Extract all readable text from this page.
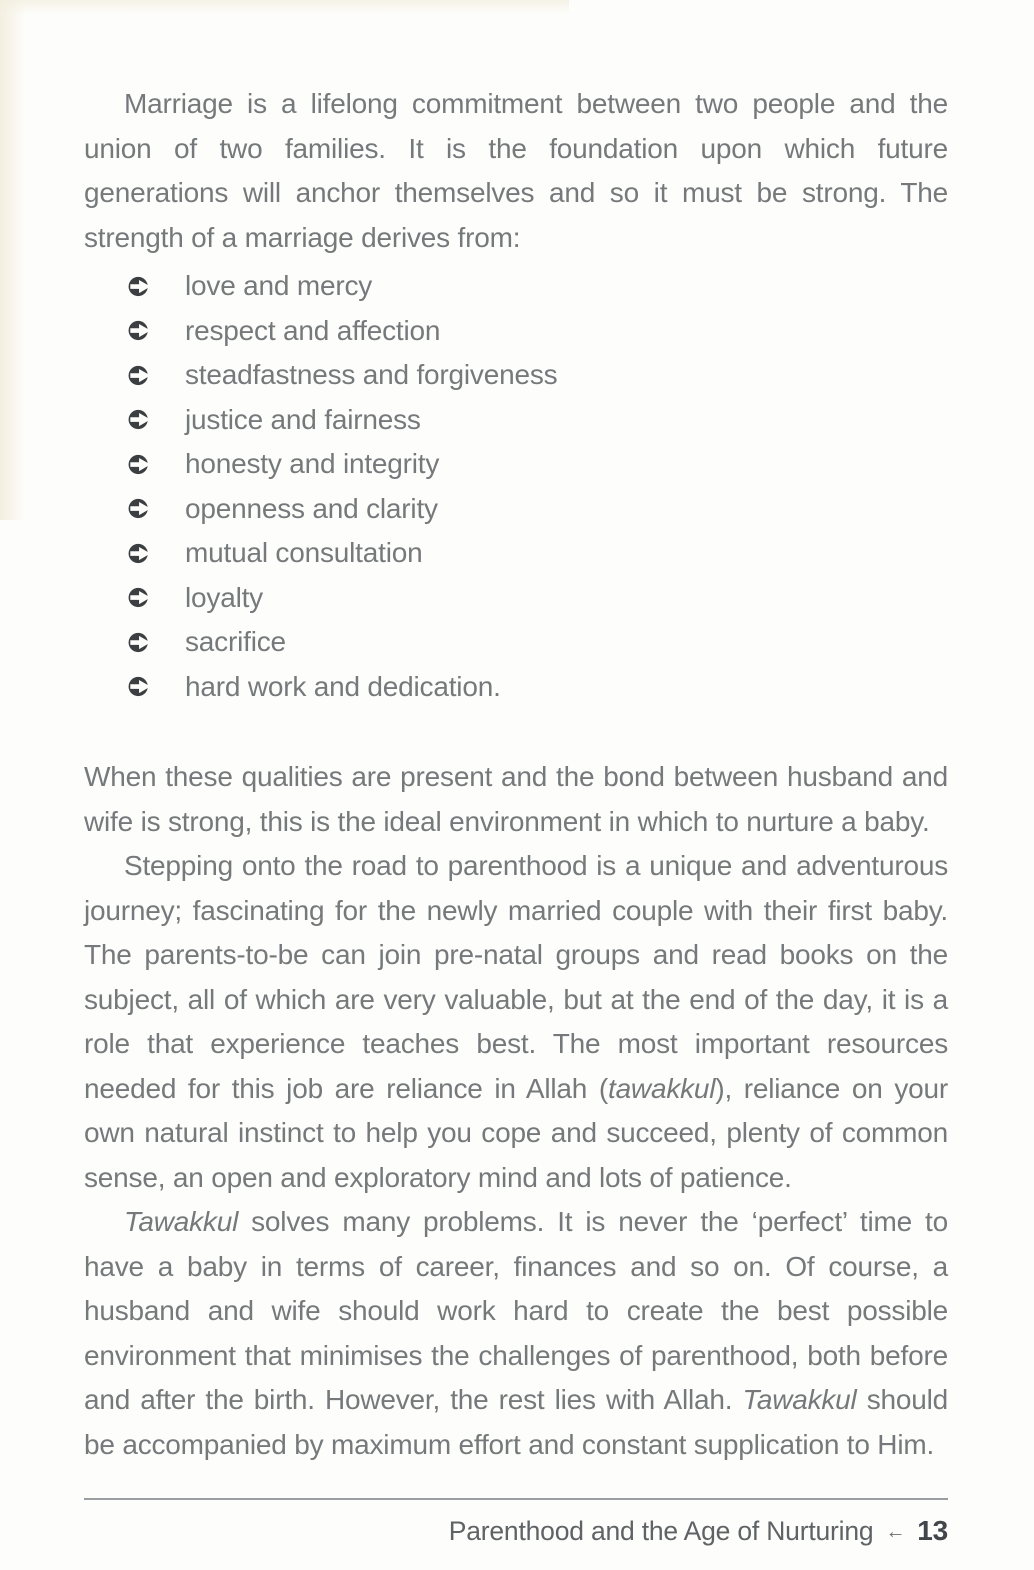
Marriage is a lifelong commitment between two people and the union of two families. It is the foundation upon which future generations will anchor themselves and so it must be strong. The strength of a marriage derives from:

love and mercy
respect and affection
steadfastness and forgiveness
justice and fairness
honesty and integrity
openness and clarity
mutual consultation
loyalty
sacrifice
hard work and dedication.

When these qualities are present and the bond between husband and wife is strong, this is the ideal environment in which to nurture a baby.

Stepping onto the road to parenthood is a unique and adventurous journey; fascinating for the newly married couple with their first baby. The parents-to-be can join pre-natal groups and read books on the subject, all of which are very valuable, but at the end of the day, it is a role that experience teaches best. The most important resources needed for this job are reliance in Allah (tawakkul), reliance on your own natural instinct to help you cope and succeed, plenty of common sense, an open and exploratory mind and lots of patience.

Tawakkul solves many problems. It is never the ‘perfect’ time to have a baby in terms of career, finances and so on. Of course, a husband and wife should work hard to create the best possible environment that minimises the challenges of parenthood, both before and after the birth. However, the rest lies with Allah. Tawakkul should be accompanied by maximum effort and constant supplication to Him.

Parenthood and the Age of Nurturing ← 13
